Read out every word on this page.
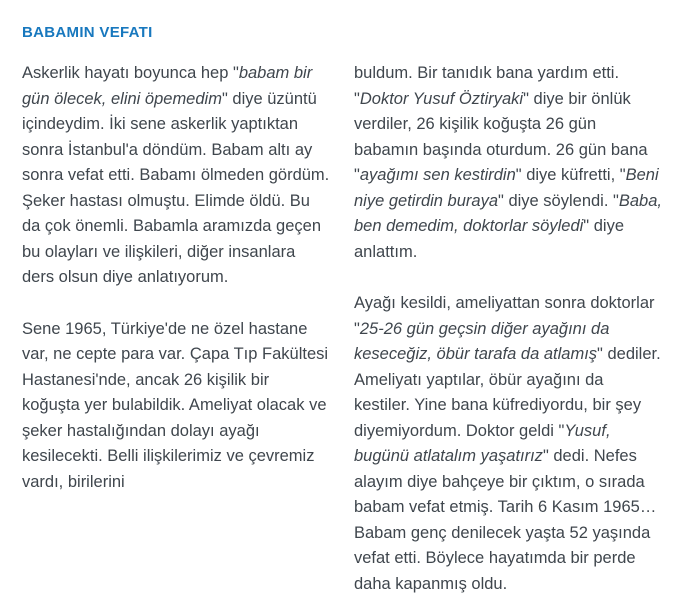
BABAMIN VEFATI

Askerlik hayatı boyunca hep "babam bir gün ölecek, elini öpemedim" diye üzüntü içindeydim. İki sene askerlik yaptıktan sonra İstanbul'a döndüm. Babam altı ay sonra vefat etti. Babamı ölmeden gördüm. Şeker hastası olmuştu. Elimde öldü. Bu da çok önemli. Babamla aramızda geçen bu olayları ve ilişkileri, diğer insanlara ders olsun diye anlatıyorum.

Sene 1965, Türkiye'de ne özel hastane var, ne cepte para var. Çapa Tıp Fakültesi Hastanesi'nde, ancak 26 kişilik bir koğuşta yer bulabildik. Ameliyat olacak ve şeker hastalığından dolayı ayağı kesilecekti. Belli ilişkilerimiz ve çevremiz vardı, birilerini

buldum. Bir tanıdık bana yardım etti. "Doktor Yusuf Öztiryaki" diye bir önlük verdiler, 26 kişilik koğuşta 26 gün babamın başında oturdum. 26 gün bana "ayağımı sen kestirdin" diye küfretti, "Beni niye getirdin buraya" diye söylendi. "Baba, ben demedim, doktorlar söyledi" diye anlattım.

Ayağı kesildi, ameliyattan sonra doktorlar "25-26 gün geçsin diğer ayağını da keseceğiz, öbür tarafa da atlamış" dediler. Ameliyatı yaptılar, öbür ayağını da kestiler. Yine bana küfrediyordu, bir şey diyemiyordum. Doktor geldi "Yusuf, bugünü atlatalım yaşatırız" dedi. Nefes alayım diye bahçeye bir çıktım, o sırada babam vefat etmiş. Tarih 6 Kasım 1965… Babam genç denilecek yaşta 52 yaşında vefat etti. Böylece hayatımda bir perde daha kapanmış oldu.
